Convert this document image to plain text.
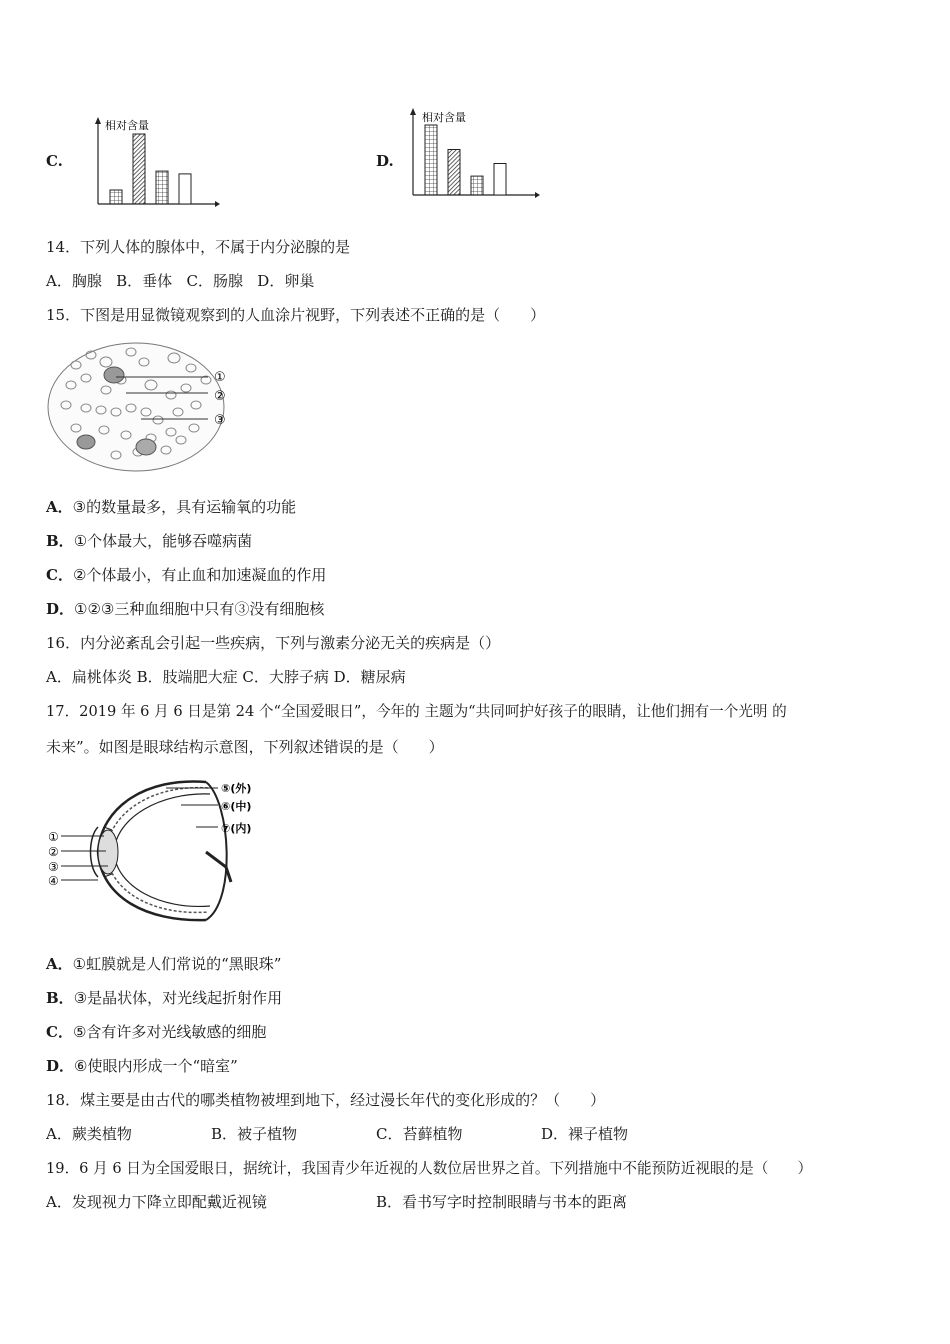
C.
相对含量
D.
相对含量
14．下列人体的腺体中，不属于内分泌腺的是
A．胸腺 B．垂体 C．肠腺 D．卵巢
15．下图是用显微镜观察到的人血涂片视野，下列表述不正确的是（　　）
①
②
③
A．③的数量最多，具有运输氧的功能
B．①个体最大，能够吞噬病菌
C．②个体最小，有止血和加速凝血的作用
D．①②③三种血细胞中只有③没有细胞核
16．内分泌紊乱会引起一些疾病，下列与激素分泌无关的疾病是（）
A．扁桃体炎 B．肢端肥大症 C．大脖子病 D．糖尿病
17．2019 年 6 月 6 日是第 24 个“全国爱眼日”，今年的 主题为“共同呵护好孩子的眼睛，让他们拥有一个光明 的
未来”。如图是眼球结构示意图，下列叙述错误的是（　　）
①
②
③
④
⑤(外)
⑥(中)
⑦(内)
A．①虹膜就是人们常说的“黑眼珠”
B．③是晶状体，对光线起折射作用
C．⑤含有许多对光线敏感的细胞
D．⑥使眼内形成一个“暗室”
18．煤主要是由古代的哪类植物被埋到地下，经过漫长年代的变化形成的？（　　）
A．蕨类植物	B．被子植物	C．苔藓植物	D．裸子植物
19．6 月 6 日为全国爱眼日，据统计，我国青少年近视的人数位居世界之首。下列措施中不能预防近视眼的是（　　）
A．发现视力下降立即配戴近视镜	B．看书写字时控制眼睛与书本的距离
